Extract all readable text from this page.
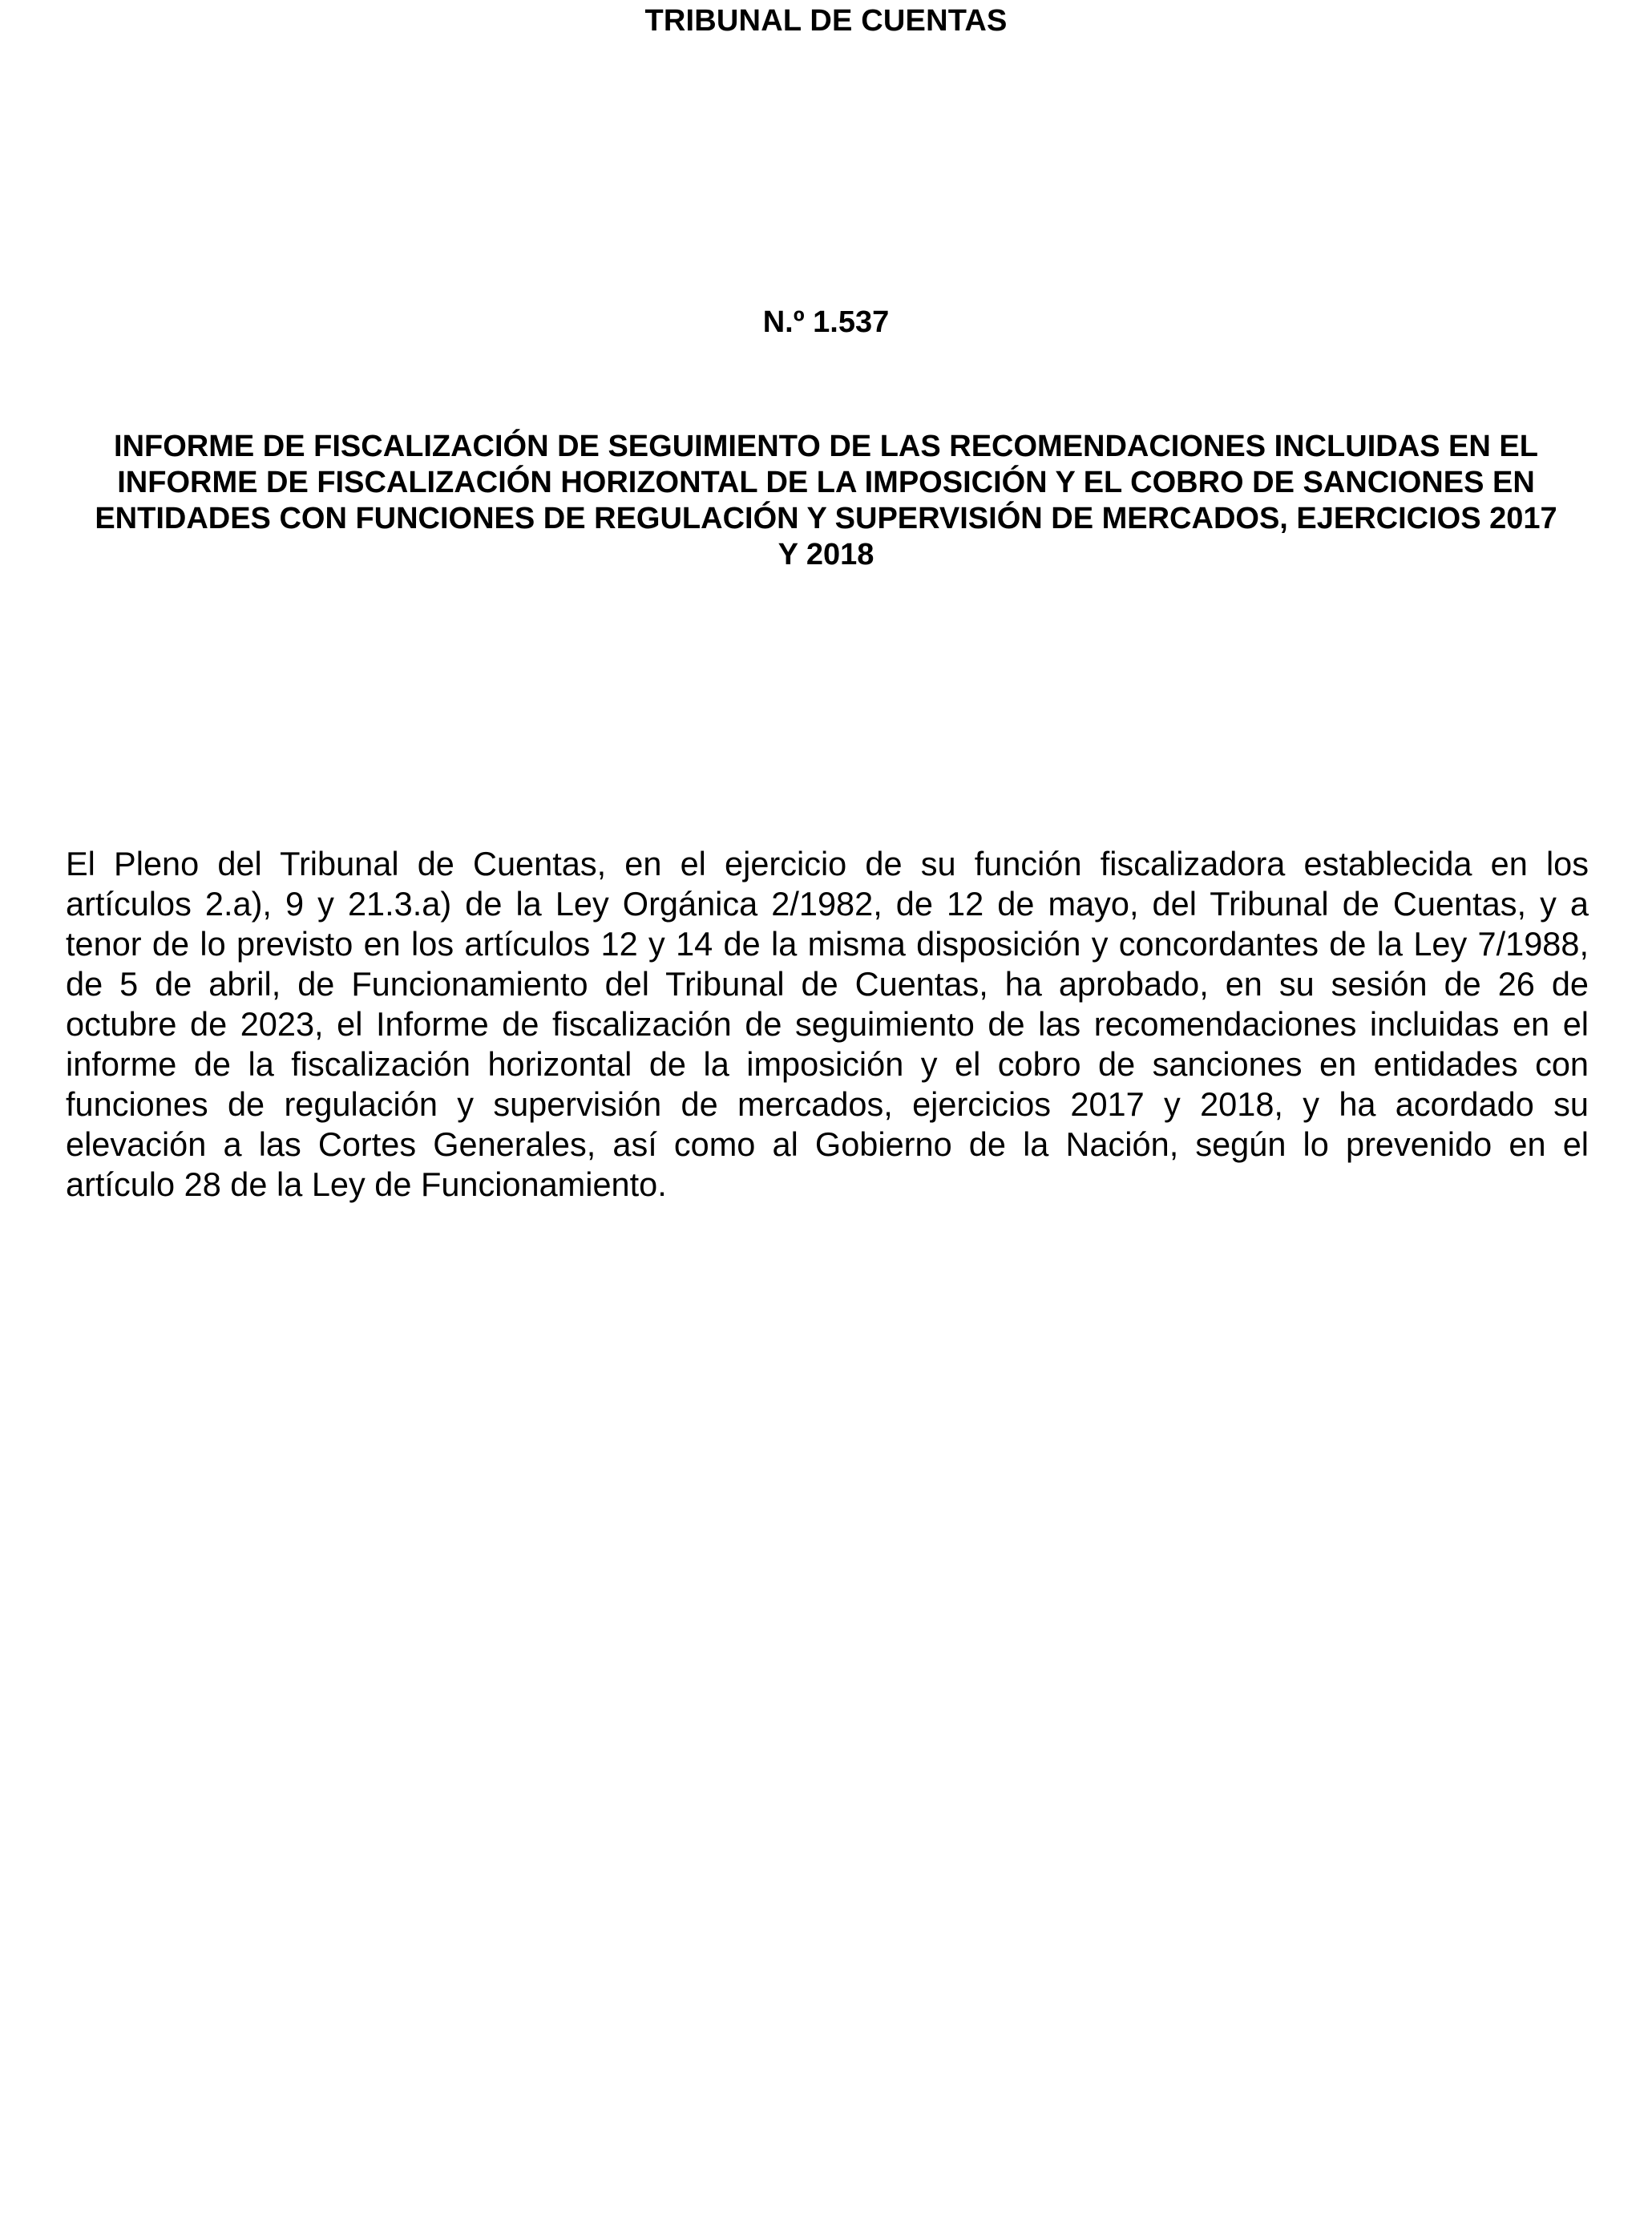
TRIBUNAL DE CUENTAS
N.º 1.537
INFORME DE FISCALIZACIÓN DE SEGUIMIENTO DE LAS RECOMENDACIONES INCLUIDAS EN EL
INFORME DE FISCALIZACIÓN HORIZONTAL DE LA IMPOSICIÓN Y EL COBRO DE SANCIONES EN
ENTIDADES CON FUNCIONES DE REGULACIÓN Y SUPERVISIÓN DE MERCADOS, EJERCICIOS 2017
Y 2018

El Pleno del Tribunal de Cuentas, en el ejercicio de su función fiscalizadora establecida en los
artículos 2.a), 9 y 21.3.a) de la Ley Orgánica 2/1982, de 12 de mayo, del Tribunal de Cuentas, y a
tenor de lo previsto en los artículos 12 y 14 de la misma disposición y concordantes de la Ley 7/1988,
de 5 de abril, de Funcionamiento del Tribunal de Cuentas, ha aprobado, en su sesión de 26 de
octubre de 2023, el Informe de fiscalización de seguimiento de las recomendaciones incluidas en el
informe de la fiscalización horizontal de la imposición y el cobro de sanciones en entidades con
funciones de regulación y supervisión de mercados, ejercicios 2017 y 2018, y ha acordado su
elevación a las Cortes Generales, así como al Gobierno de la Nación, según lo prevenido en el
artículo 28 de la Ley de Funcionamiento.
